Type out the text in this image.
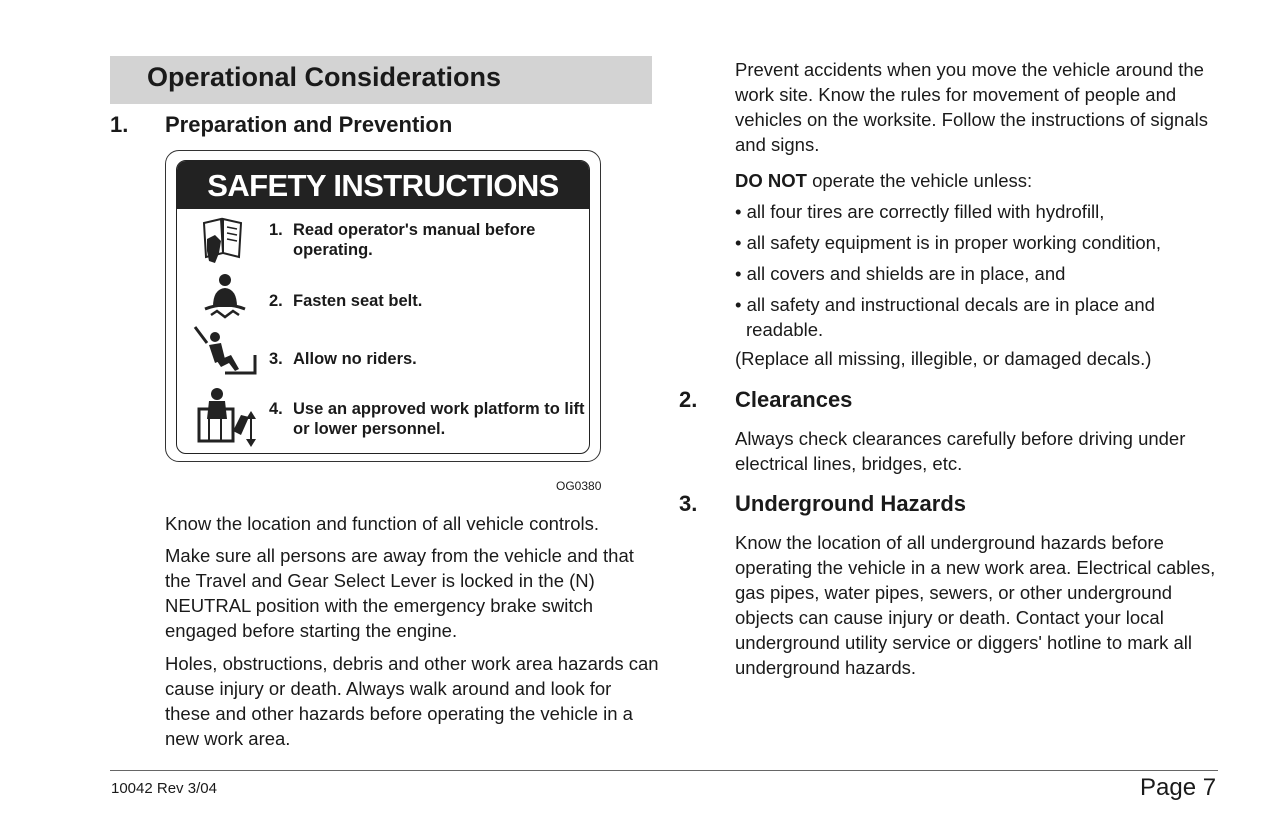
Operational Considerations
1. Preparation and Prevention
SAFETY INSTRUCTIONS
1. Read operator's manual before operating.
2. Fasten seat belt.
3. Allow no riders.
4. Use an approved work platform to lift or lower personnel.
OG0380
Know the location and function of all vehicle controls.
Make sure all persons are away from the vehicle and that the Travel and Gear Select Lever is locked in the (N) NEUTRAL position with the emergency brake switch engaged before starting the engine.
Holes, obstructions, debris and other work area hazards can cause injury or death. Always walk around and look for these and other hazards before operating the vehicle in a new work area.
Prevent accidents when you move the vehicle around the work site. Know the rules for movement of people and vehicles on the worksite. Follow the instructions of signals and signs.
DO NOT operate the vehicle unless:
• all four tires are correctly filled with hydrofill,
• all safety equipment is in proper working condition,
• all covers and shields are in place, and
• all safety and instructional decals are in place and readable.
(Replace all missing, illegible, or damaged decals.)
2. Clearances
Always check clearances carefully before driving under electrical lines, bridges, etc.
3. Underground Hazards
Know the location of all underground hazards before operating the vehicle in a new work area. Electrical cables, gas pipes, water pipes, sewers, or other underground objects can cause injury or death. Contact your local underground utility service or diggers' hotline to mark all underground hazards.
10042 Rev 3/04	Page 7
